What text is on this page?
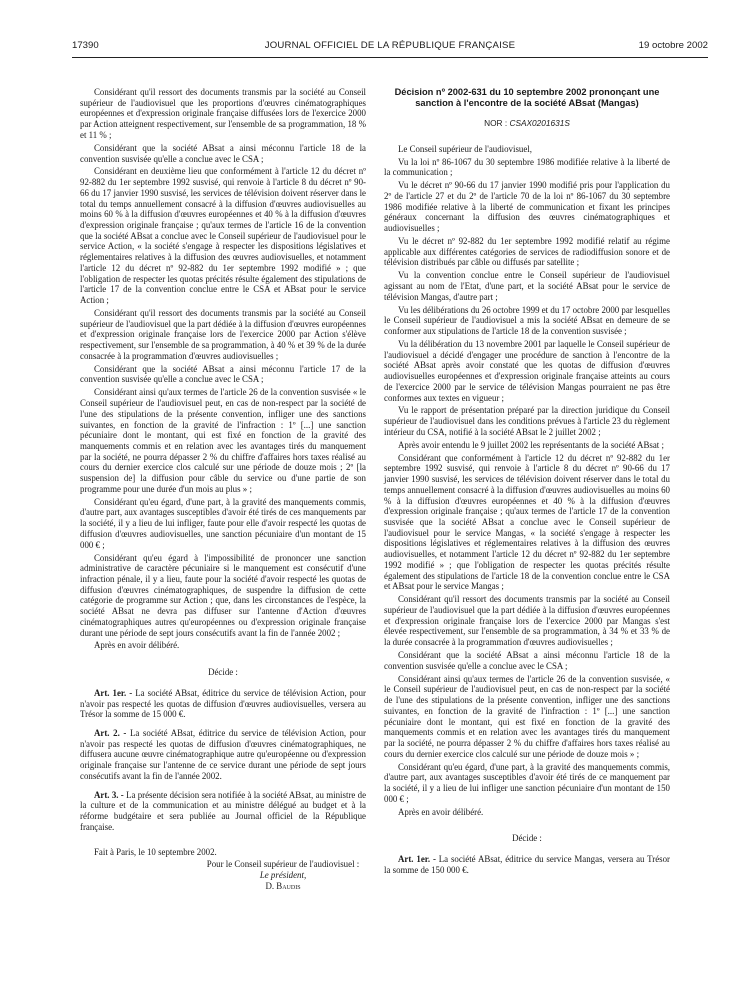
17390	JOURNAL OFFICIEL DE LA RÉPUBLIQUE FRANÇAISE	19 octobre 2002

Considérant qu'il ressort des documents transmis par la société au Conseil supérieur de l'audiovisuel que les proportions d'œuvres cinématographiques européennes et d'expression originale française diffusées lors de l'exercice 2000 par Action atteignent respectivement, sur l'ensemble de sa programmation, 18 % et 11 % ;

Considérant que la société ABsat a ainsi méconnu l'article 18 de la convention susvisée qu'elle a conclue avec le CSA ;

Considérant en deuxième lieu que conformément à l'article 12 du décret nº 92-882 du 1er septembre 1992 susvisé, qui renvoie à l'article 8 du décret nº 90-66 du 17 janvier 1990 susvisé, les services de télévision doivent réserver dans le total du temps annuellement consacré à la diffusion d'œuvres audiovisuelles au moins 60 % à la diffusion d'œuvres européennes et 40 % à la diffusion d'œuvres d'expression originale française ; qu'aux termes de l'article 16 de la convention que la société ABsat a conclue avec le Conseil supérieur de l'audiovisuel pour le service Action, « la société s'engage à respecter les dispositions législatives et réglementaires relatives à la diffusion des œuvres audiovisuelles, et notamment l'article 12 du décret nº 92-882 du 1er septembre 1992 modifié » ; que l'obligation de respecter les quotas précités résulte également des stipulations de l'article 17 de la convention conclue entre le CSA et ABsat pour le service Action ;

Considérant qu'il ressort des documents transmis par la société au Conseil supérieur de l'audiovisuel que la part dédiée à la diffusion d'œuvres européennes et d'expression originale française lors de l'exercice 2000 par Action s'élève respectivement, sur l'ensemble de sa programmation, à 40 % et 39 % de la durée consacrée à la programmation d'œuvres audiovisuelles ;

Considérant que la société ABsat a ainsi méconnu l'article 17 de la convention susvisée qu'elle a conclue avec le CSA ;

Considérant ainsi qu'aux termes de l'article 26 de la convention susvisée « le Conseil supérieur de l'audiovisuel peut, en cas de non-respect par la société de l'une des stipulations de la présente convention, infliger une des sanctions suivantes, en fonction de la gravité de l'infraction : 1º [...] une sanction pécuniaire dont le montant, qui est fixé en fonction de la gravité des manquements commis et en relation avec les avantages tirés du manquement par la société, ne pourra dépasser 2 % du chiffre d'affaires hors taxes réalisé au cours du dernier exercice clos calculé sur une période de douze mois ; 2º [la suspension de] la diffusion pour câble du service ou d'une partie de son programme pour une durée d'un mois au plus » ;

Considérant qu'eu égard, d'une part, à la gravité des manquements commis, d'autre part, aux avantages susceptibles d'avoir été tirés de ces manquements par la société, il y a lieu de lui infliger, faute pour elle d'avoir respecté les quotas de diffusion d'œuvres audiovisuelles, une sanction pécuniaire d'un montant de 15 000 € ;

Considérant qu'eu égard à l'impossibilité de prononcer une sanction administrative de caractère pécuniaire si le manquement est consécutif d'une infraction pénale, il y a lieu, faute pour la société d'avoir respecté les quotas de diffusion d'œuvres cinématographiques, de suspendre la diffusion de cette catégorie de programme sur Action ; que, dans les circonstances de l'espèce, la société ABsat ne devra pas diffuser sur l'antenne d'Action d'œuvres cinématographiques autres qu'européennes ou d'expression originale française durant une période de sept jours consécutifs avant la fin de l'année 2002 ;

Après en avoir délibéré.

Décide :

Art. 1er. - La société ABsat, éditrice du service de télévision Action, pour n'avoir pas respecté les quotas de diffusion d'œuvres audiovisuelles, versera au Trésor la somme de 15 000 €.

Art. 2. - La société ABsat, éditrice du service de télévision Action, pour n'avoir pas respecté les quotas de diffusion d'œuvres cinématographiques, ne diffusera aucune œuvre cinématographique autre qu'européenne ou d'expression originale française sur l'antenne de ce service durant une période de sept jours consécutifs avant la fin de l'année 2002.

Art. 3. - La présente décision sera notifiée à la société ABsat, au ministre de la culture et de la communication et au ministre délégué au budget et à la réforme budgétaire et sera publiée au Journal officiel de la République française.

Fait à Paris, le 10 septembre 2002.

Pour le Conseil supérieur de l'audiovisuel :

Le président,

D. Baudis

Décision nº 2002-631 du 10 septembre 2002 prononçant une sanction à l'encontre de la société ABsat (Mangas)
NOR : CSAX0201631S

Le Conseil supérieur de l'audiovisuel,

Vu la loi nº 86-1067 du 30 septembre 1986 modifiée relative à la liberté de la communication ;

Vu le décret nº 90-66 du 17 janvier 1990 modifié pris pour l'application du 2º de l'article 27 et du 2º de l'article 70 de la loi nº 86-1067 du 30 septembre 1986 modifiée relative à la liberté de communication et fixant les principes généraux concernant la diffusion des œuvres cinématographiques et audiovisuelles ;

Vu le décret nº 92-882 du 1er septembre 1992 modifié relatif au régime applicable aux différentes catégories de services de radiodiffusion sonore et de télévision distribués par câble ou diffusés par satellite ;

Vu la convention conclue entre le Conseil supérieur de l'audiovisuel agissant au nom de l'Etat, d'une part, et la société ABsat pour le service de télévision Mangas, d'autre part ;

Vu les délibérations du 26 octobre 1999 et du 17 octobre 2000 par lesquelles le Conseil supérieur de l'audiovisuel a mis la société ABsat en demeure de se conformer aux stipulations de l'article 18 de la convention susvisée ;

Vu la délibération du 13 novembre 2001 par laquelle le Conseil supérieur de l'audiovisuel a décidé d'engager une procédure de sanction à l'encontre de la société ABsat après avoir constaté que les quotas de diffusion d'œuvres audiovisuelles européennes et d'expression originale française atteints au cours de l'exercice 2000 par le service de télévision Mangas pourraient ne pas être conformes aux textes en vigueur ;

Vu le rapport de présentation préparé par la direction juridique du Conseil supérieur de l'audiovisuel dans les conditions prévues à l'article 23 du règlement intérieur du CSA, notifié à la société ABsat le 2 juillet 2002 ;

Après avoir entendu le 9 juillet 2002 les représentants de la société ABsat ;

Considérant que conformément à l'article 12 du décret nº 92-882 du 1er septembre 1992 susvisé, qui renvoie à l'article 8 du décret nº 90-66 du 17 janvier 1990 susvisé, les services de télévision doivent réserver dans le total du temps annuellement consacré à la diffusion d'œuvres audiovisuelles au moins 60 % à la diffusion d'œuvres européennes et 40 % à la diffusion d'œuvres d'expression originale française ; qu'aux termes de l'article 17 de la convention susvisée que la société ABsat a conclue avec le Conseil supérieur de l'audiovisuel pour le service Mangas, « la société s'engage à respecter les dispositions législatives et réglementaires relatives à la diffusion des œuvres audiovisuelles, et notamment l'article 12 du décret nº 92-882 du 1er septembre 1992 modifié » ; que l'obligation de respecter les quotas précités résulte également des stipulations de l'article 18 de la convention conclue entre le CSA et ABsat pour le service Mangas ;

Considérant qu'il ressort des documents transmis par la société au Conseil supérieur de l'audiovisuel que la part dédiée à la diffusion d'œuvres européennes et d'expression originale française lors de l'exercice 2000 par Mangas s'est élevée respectivement, sur l'ensemble de sa programmation, à 34 % et 33 % de la durée consacrée à la programmation d'œuvres audiovisuelles ;

Considérant que la société ABsat a ainsi méconnu l'article 18 de la convention susvisée qu'elle a conclue avec le CSA ;

Considérant ainsi qu'aux termes de l'article 26 de la convention susvisée, « le Conseil supérieur de l'audiovisuel peut, en cas de non-respect par la société de l'une des stipulations de la présente convention, infliger une des sanctions suivantes, en fonction de la gravité de l'infraction : 1º [...] une sanction pécuniaire dont le montant, qui est fixé en fonction de la gravité des manquements commis et en relation avec les avantages tirés du manquement par la société, ne pourra dépasser 2 % du chiffre d'affaires hors taxes réalisé au cours du dernier exercice clos calculé sur une période de douze mois » ;

Considérant qu'eu égard, d'une part, à la gravité des manquements commis, d'autre part, aux avantages susceptibles d'avoir été tirés de ce manquement par la société, il y a lieu de lui infliger une sanction pécuniaire d'un montant de 150 000 € ;

Après en avoir délibéré.

Décide :

Art. 1er. - La société ABsat, éditrice du service Mangas, versera au Trésor la somme de 150 000 €.
